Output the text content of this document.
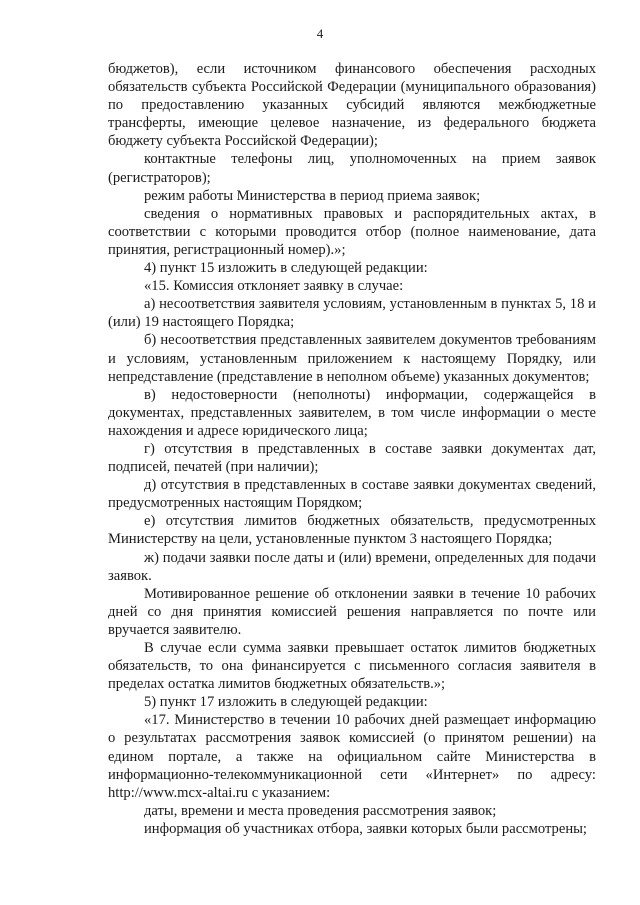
4

бюджетов), если источником финансового обеспечения расходных обязательств субъекта Российской Федерации (муниципального образования) по предоставлению указанных субсидий являются межбюджетные трансферты, имеющие целевое назначение, из федерального бюджета бюджету субъекта Российской Федерации);

контактные телефоны лиц, уполномоченных на прием заявок (регистраторов);

режим работы Министерства в период приема заявок;

сведения о нормативных правовых и распорядительных актах, в соответствии с которыми проводится отбор (полное наименование, дата принятия, регистрационный номер).»;

4) пункт 15 изложить в следующей редакции:

«15. Комиссия отклоняет заявку в случае:

а) несоответствия заявителя условиям, установленным в пунктах 5, 18 и (или) 19 настоящего Порядка;

б) несоответствия представленных заявителем документов требованиям и условиям, установленным приложением к настоящему Порядку, или непредставление (представление в неполном объеме) указанных документов;

в) недостоверности (неполноты) информации, содержащейся в документах, представленных заявителем, в том числе информации о месте нахождения и адресе юридического лица;

г) отсутствия в представленных в составе заявки документах дат, подписей, печатей (при наличии);

д) отсутствия в представленных в составе заявки документах сведений, предусмотренных настоящим Порядком;

е) отсутствия лимитов бюджетных обязательств, предусмотренных Министерству на цели, установленные пунктом 3 настоящего Порядка;

ж) подачи заявки после даты и (или) времени, определенных для подачи заявок.

Мотивированное решение об отклонении заявки в течение 10 рабочих дней со дня принятия комиссией решения направляется по почте или вручается заявителю.

В случае если сумма заявки превышает остаток лимитов бюджетных обязательств, то она финансируется с письменного согласия заявителя в пределах остатка лимитов бюджетных обязательств.»;

5) пункт 17 изложить в следующей редакции:

«17. Министерство в течении 10 рабочих дней размещает информацию о результатах рассмотрения заявок комиссией (о принятом решении) на едином портале, а также на официальном сайте Министерства в информационно-телекоммуникационной сети «Интернет» по адресу: http://www.mcx-altai.ru с указанием:

даты, времени и места проведения рассмотрения заявок;

информация об участниках отбора, заявки которых были рассмотрены;
